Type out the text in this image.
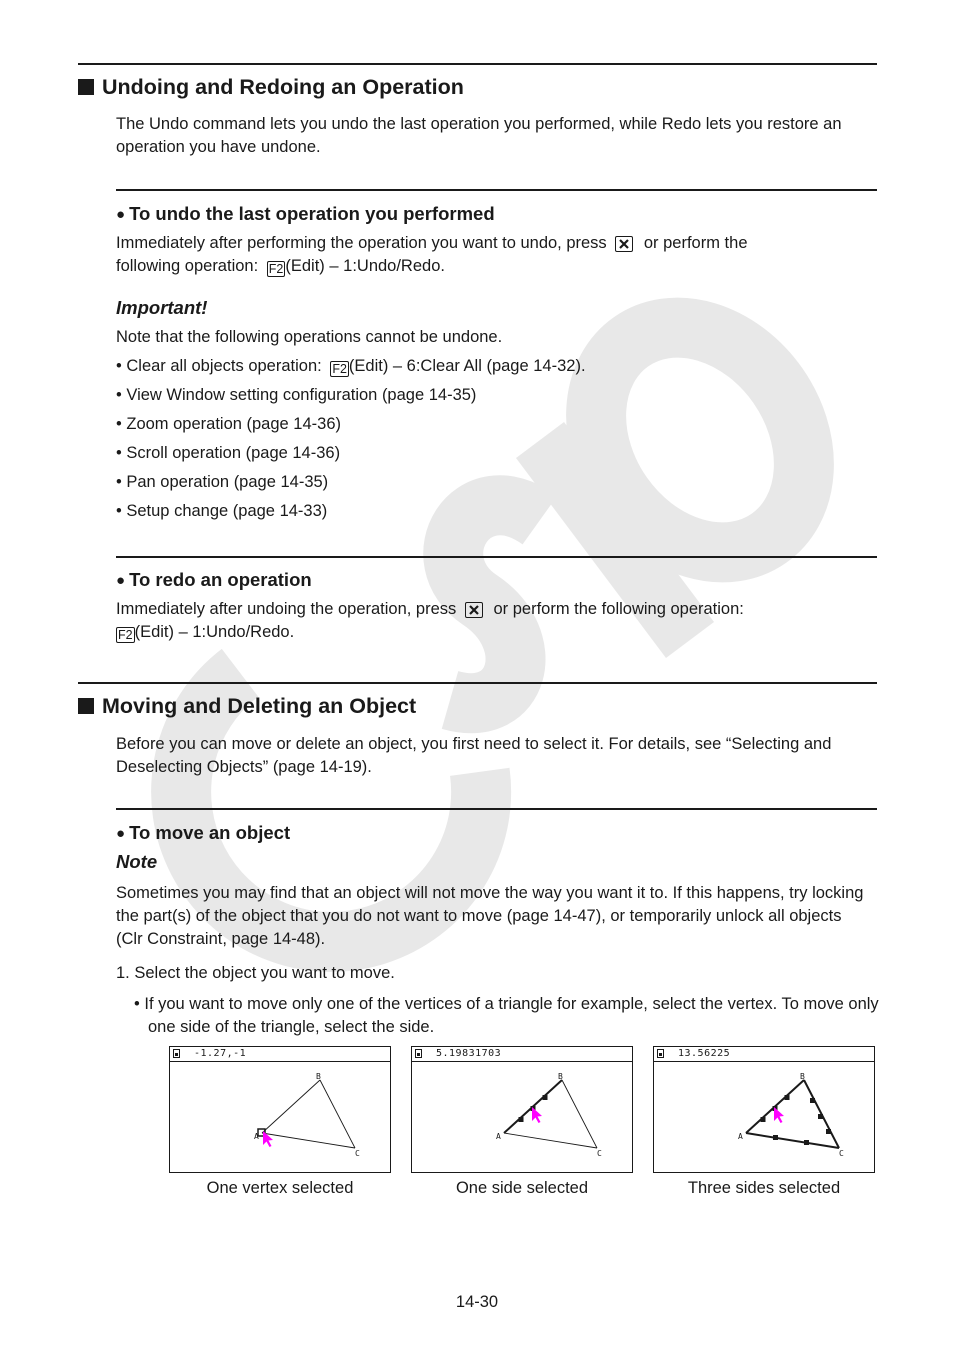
Undoing and Redoing an Operation
The Undo command lets you undo the last operation you performed, while Redo lets you restore an operation you have undone.
● To undo the last operation you performed
Immediately after performing the operation you want to undo, press or perform the
following operation: F2 (Edit) – 1:Undo/Redo.
Important!
Note that the following operations cannot be undone.
• Clear all objects operation: F2 (Edit) – 6:Clear All (page 14-32).
• View Window setting configuration (page 14-35)
• Zoom operation (page 14-36)
• Scroll operation (page 14-36)
• Pan operation (page 14-35)
• Setup change (page 14-33)
● To redo an operation
Immediately after undoing the operation, press or perform the following operation:
F2 (Edit) – 1:Undo/Redo.
Moving and Deleting an Object
Before you can move or delete an object, you first need to select it. For details, see “Selecting and Deselecting Objects” (page 14-19).
● To move an object
Note
Sometimes you may find that an object will not move the way you want it to. If this happens, try locking the part(s) of the object that you do not want to move (page 14-47), or temporarily unlock all objects (Clr Constraint, page 14-48).
1. Select the object you want to move.
• If you want to move only one of the vertices of a triangle for example, select the vertex. To move only one side of the triangle, select the side.
-1.27,-1
B
A
C
5.19831703
B
A
C
13.56225
B
A
C
One vertex selected	One side selected	Three sides selected
14-30
